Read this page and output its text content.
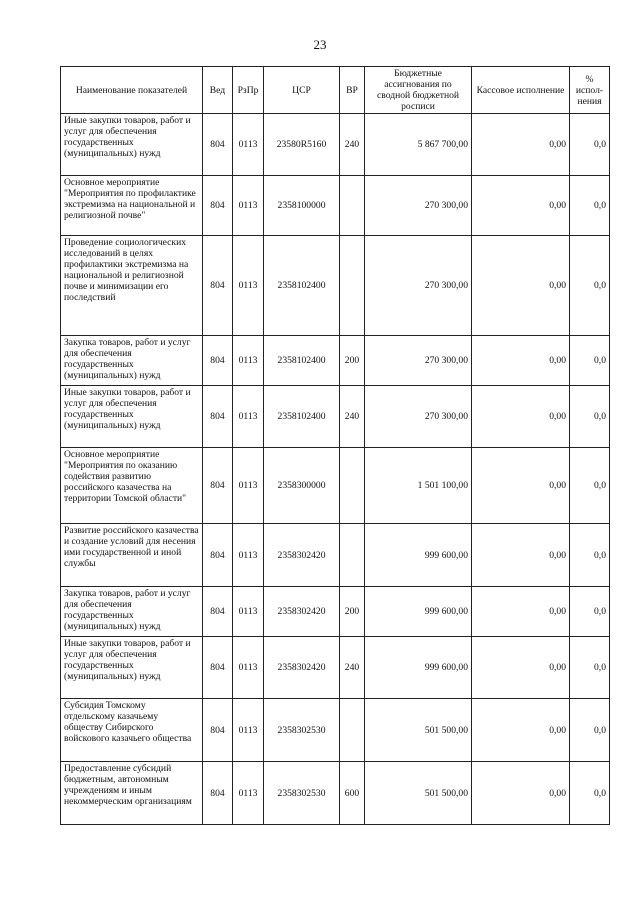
23
Наименование показателей	Вед	РзПр	ЦСР	ВР	Бюджетные ассигнования по сводной бюджетной росписи	Кассовое исполнение	% испол-нения
Иные закупки товаров, работ и услуг для обеспечения государственных (муниципальных) нужд	804	0113	23580R5160	240	5 867 700,00	0,00	0,0
Основное мероприятие "Мероприятия по профилактике экстремизма на национальной и религиозной почве"	804	0113	2358100000		270 300,00	0,00	0,0
Проведение социологических исследований в целях профилактики экстремизма на национальной и религиозной почве и минимизации его последствий	804	0113	2358102400		270 300,00	0,00	0,0
Закупка товаров, работ и услуг для обеспечения государственных (муниципальных) нужд	804	0113	2358102400	200	270 300,00	0,00	0,0
Иные закупки товаров, работ и услуг для обеспечения государственных (муниципальных) нужд	804	0113	2358102400	240	270 300,00	0,00	0,0
Основное мероприятие "Мероприятия по оказанию содействия развитию российского казачества на территории Томской области"	804	0113	2358300000		1 501 100,00	0,00	0,0
Развитие российского казачества и создание условий для несения ими государственной и иной службы	804	0113	2358302420		999 600,00	0,00	0,0
Закупка товаров, работ и услуг для обеспечения государственных (муниципальных) нужд	804	0113	2358302420	200	999 600,00	0,00	0,0
Иные закупки товаров, работ и услуг для обеспечения государственных (муниципальных) нужд	804	0113	2358302420	240	999 600,00	0,00	0,0
Субсидия Томскому отдельскому казачьему обществу Сибирского войскового казачьего общества	804	0113	2358302530		501 500,00	0,00	0,0
Предоставление субсидий бюджетным, автономным учреждениям и иным некоммерческим организациям	804	0113	2358302530	600	501 500,00	0,00	0,0
